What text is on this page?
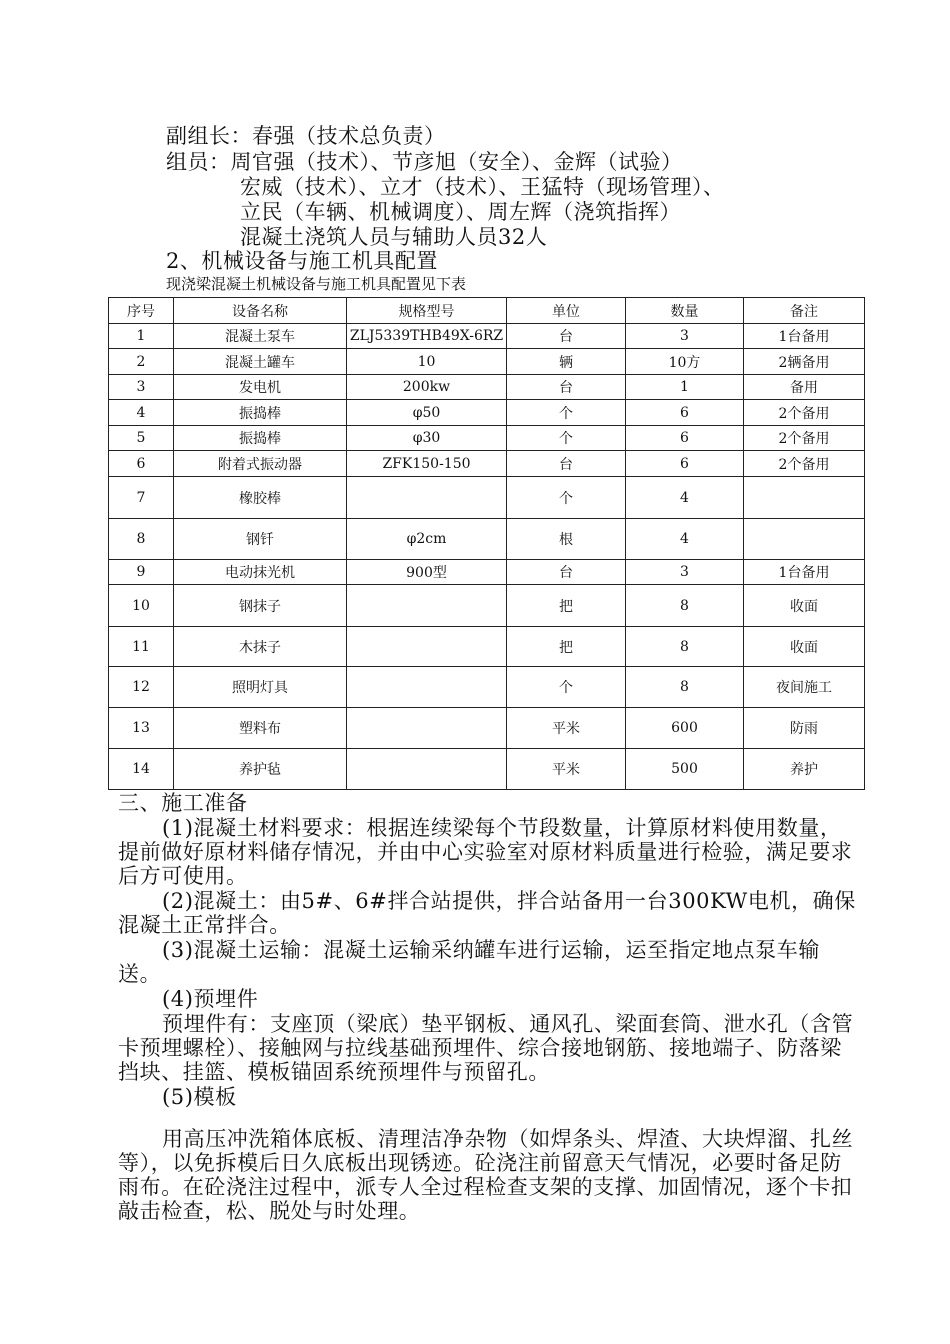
副组长：春强（技术总负责）
组员：周官强（技术）、节彦旭（安全）、金辉（试验）
宏威（技术）、立才（技术）、王猛特（现场管理）、
立民（车辆、机械调度）、周左辉（浇筑指挥）
混凝土浇筑人员与辅助人员32人
2、机械设备与施工机具配置
现浇梁混凝土机械设备与施工机具配置见下表
序号	设备名称	规格型号	单位	数量	备注
1	混凝土泵车	ZLJ5339THB49X-6RZ	台	3	1台备用
2	混凝土罐车	10	辆	10方	2辆备用
3	发电机	200kw	台	1	备用
4	振捣棒	φ50	个	6	2个备用
5	振捣棒	φ30	个	6	2个备用
6	附着式振动器	ZFK150-150	台	6	2个备用
7	橡胶棒		个	4	
8	钢钎	φ2cm	根	4	
9	电动抹光机	900型	台	3	1台备用
10	钢抹子		把	8	收面
11	木抹子		把	8	收面
12	照明灯具		个	8	夜间施工
13	塑料布		平米	600	防雨
14	养护毡		平米	500	养护
三、施工准备
(1)混凝土材料要求：根据连续梁每个节段数量，计算原材料使用数量，提前做好原材料储存情况，并由中心实验室对原材料质量进行检验，满足要求后方可使用。
(2)混凝土：由5#、6#拌合站提供，拌合站备用一台300KW电机，确保混凝土正常拌合。
(3)混凝土运输：混凝土运输采纳罐车进行运输，运至指定地点泵车输送。
(4)预埋件
预埋件有：支座顶（梁底）垫平钢板、通风孔、梁面套筒、泄水孔（含管卡预埋螺栓）、接触网与拉线基础预埋件、综合接地钢筋、接地端子、防落梁挡块、挂篮、模板锚固系统预埋件与预留孔。
(5)模板
用高压冲洗箱体底板、清理洁净杂物（如焊条头、焊渣、大块焊溜、扎丝等），以免拆模后日久底板出现锈迹。砼浇注前留意天气情况，必要时备足防雨布。在砼浇注过程中，派专人全过程检查支架的支撑、加固情况，逐个卡扣敲击检查，松、脱处与时处理。
